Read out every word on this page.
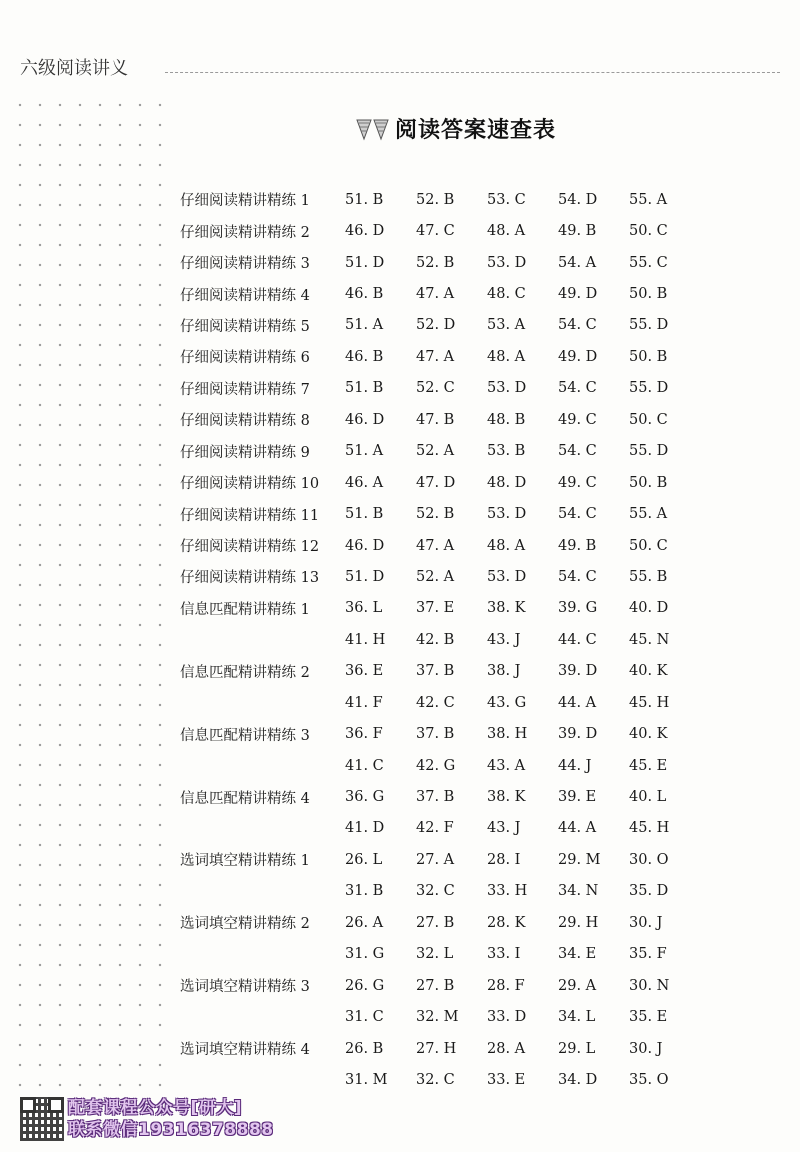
六级阅读讲义
阅读答案速查表
仔细阅读精讲精练 1	51. B	52. B	53. C	54. D	55. A
仔细阅读精讲精练 2	46. D	47. C	48. A	49. B	50. C
仔细阅读精讲精练 3	51. D	52. B	53. D	54. A	55. C
仔细阅读精讲精练 4	46. B	47. A	48. C	49. D	50. B
仔细阅读精讲精练 5	51. A	52. D	53. A	54. C	55. D
仔细阅读精讲精练 6	46. B	47. A	48. A	49. D	50. B
仔细阅读精讲精练 7	51. B	52. C	53. D	54. C	55. D
仔细阅读精讲精练 8	46. D	47. B	48. B	49. C	50. C
仔细阅读精讲精练 9	51. A	52. A	53. B	54. C	55. D
仔细阅读精讲精练 10	46. A	47. D	48. D	49. C	50. B
仔细阅读精讲精练 11	51. B	52. B	53. D	54. C	55. A
仔细阅读精讲精练 12	46. D	47. A	48. A	49. B	50. C
仔细阅读精讲精练 13	51. D	52. A	53. D	54. C	55. B
信息匹配精讲精练 1	36. L	37. E	38. K	39. G	40. D
41. H	42. B	43. J	44. C	45. N
信息匹配精讲精练 2	36. E	37. B	38. J	39. D	40. K
41. F	42. C	43. G	44. A	45. H
信息匹配精讲精练 3	36. F	37. B	38. H	39. D	40. K
41. C	42. G	43. A	44. J	45. E
信息匹配精讲精练 4	36. G	37. B	38. K	39. E	40. L
41. D	42. F	43. J	44. A	45. H
选词填空精讲精练 1	26. L	27. A	28. I	29. M	30. O
31. B	32. C	33. H	34. N	35. D
选词填空精讲精练 2	26. A	27. B	28. K	29. H	30. J
31. G	32. L	33. I	34. E	35. F
选词填空精讲精练 3	26. G	27. B	28. F	29. A	30. N
31. C	32. M	33. D	34. L	35. E
选词填空精讲精练 4	26. B	27. H	28. A	29. L	30. J
31. M	32. C	33. E	34. D	35. O
配套课程公众号[研大]
联系微信19316378888
